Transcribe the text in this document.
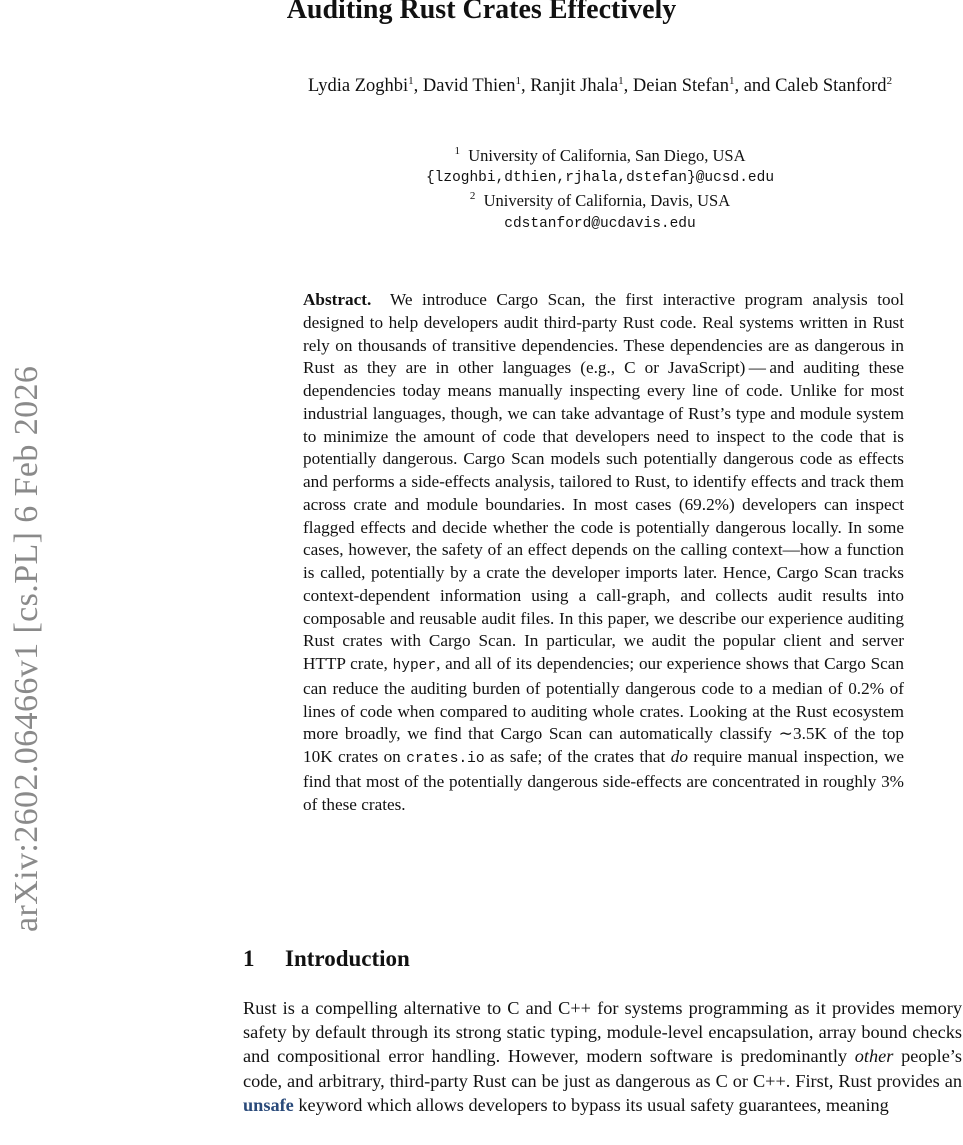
arXiv:2602.06466v1 [cs.PL] 6 Feb 2026
Auditing Rust Crates Effectively

Lydia Zoghbi$^1$, David Thien$^1$, Ranjit Jhala$^1$, Deian Stefan$^1$, and Caleb Stanford$^2$

$^1$ University of California, San Diego, USA

{lzoghbi,dthien,rjhala,dstefan}@ucsd.edu

$^2$ University of California, Davis, USA

cdstanford@ucdavis.edu

Abstract. We introduce Cargo Scan, the first interactive program analysis tool designed to help developers audit third-party Rust code. Real systems written in Rust rely on thousands of transitive dependencies. These dependencies are as dangerous in Rust as they are in other languages (e.g., C or JavaScript) — and auditing these dependencies today means manually inspecting every line of code. Unlike for most industrial languages, though, we can take advantage of Rust’s type and module system to minimize the amount of code that developers need to inspect to the code that is potentially dangerous. Cargo Scan models such potentially dangerous code as effects and performs a side-effects analysis, tailored to Rust, to identify effects and track them across crate and module boundaries. In most cases (69.2%) developers can inspect flagged effects and decide whether the code is potentially dangerous locally. In some cases, however, the safety of an effect depends on the calling context—how a function is called, potentially by a crate the developer imports later. Hence, Cargo Scan tracks context-dependent information using a call-graph, and collects audit results into composable and reusable audit files. In this paper, we describe our experience auditing Rust crates with Cargo Scan. In particular, we audit the popular client and server HTTP crate, hyper, and all of its dependencies; our experience shows that Cargo Scan can reduce the auditing burden of potentially dangerous code to a median of 0.2% of lines of code when compared to auditing whole crates. Looking at the Rust ecosystem more broadly, we find that Cargo Scan can automatically classify ∼3.5K of the top 10K crates on crates.io as safe; of the crates that do require manual inspection, we find that most of the potentially dangerous side-effects are concentrated in roughly 3% of these crates.

1 Introduction

Rust is a compelling alternative to C and C++ for systems programming as it provides memory safety by default through its strong static typing, module-level encapsulation, array bound checks and compositional error handling. However, modern software is predominantly other people’s code, and arbitrary, third-party Rust can be just as dangerous as C or C++. First, Rust provides an unsafe keyword which allows developers to bypass its usual safety guarantees, meaning
